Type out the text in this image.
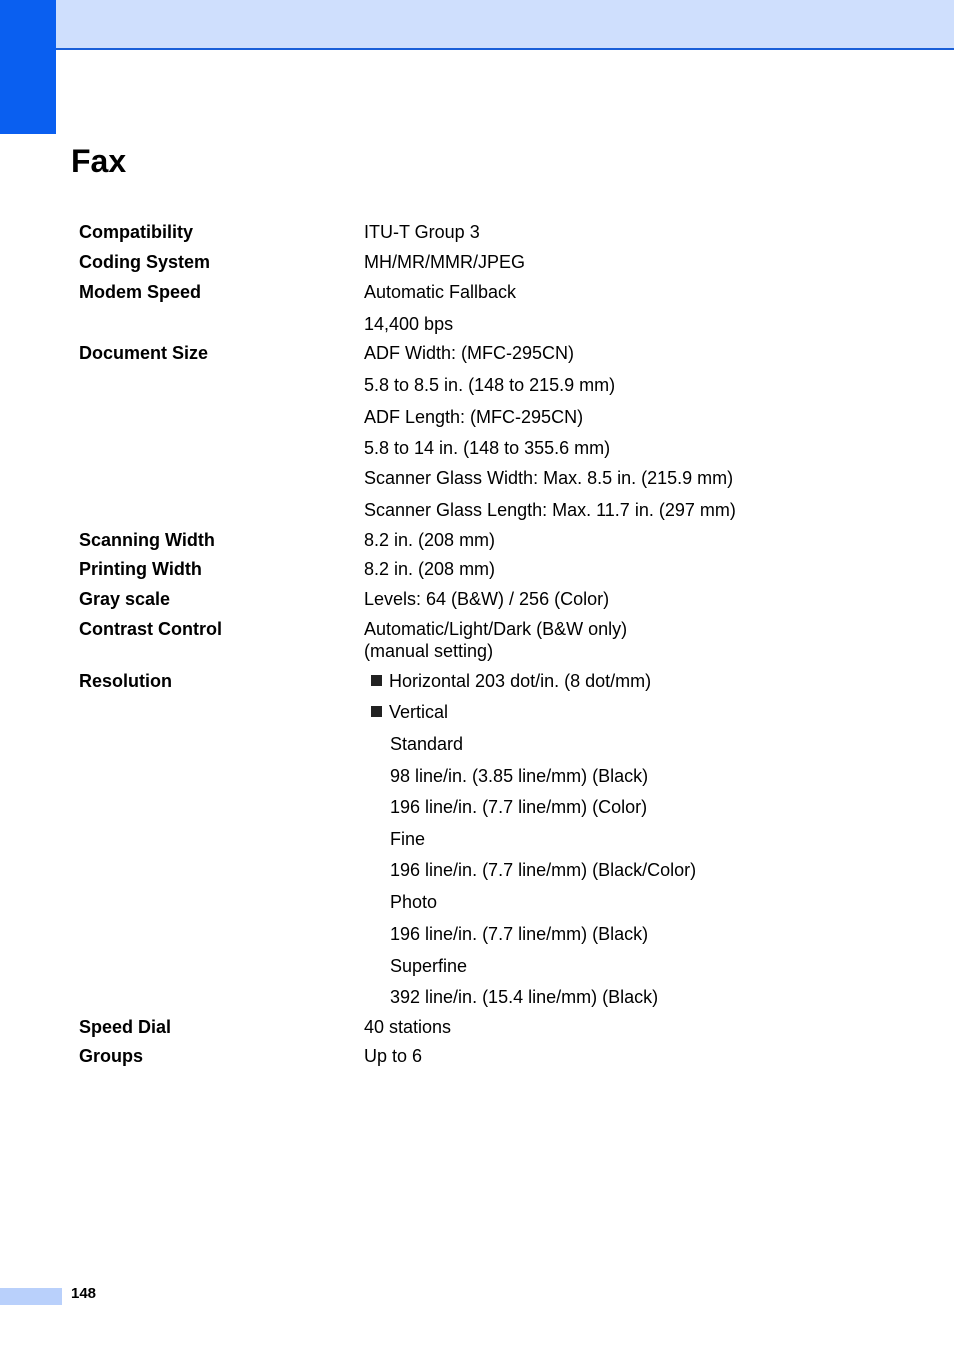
Fax
Compatibility	ITU-T Group 3
Coding System	MH/MR/MMR/JPEG
Modem Speed	Automatic Fallback
14,400 bps
Document Size	ADF Width: (MFC-295CN)
5.8 to 8.5 in. (148 to 215.9 mm)
ADF Length: (MFC-295CN)
5.8 to 14 in. (148 to 355.6 mm)
Scanner Glass Width: Max. 8.5 in. (215.9 mm)
Scanner Glass Length: Max. 11.7 in. (297 mm)
Scanning Width	8.2 in. (208 mm)
Printing Width	8.2 in. (208 mm)
Gray scale	Levels: 64 (B&W) / 256 (Color)
Contrast Control	Automatic/Light/Dark (B&W only)
(manual setting)
Resolution	Horizontal 203 dot/in. (8 dot/mm)
Vertical
Standard
98 line/in. (3.85 line/mm) (Black)
196 line/in. (7.7 line/mm) (Color)
Fine
196 line/in. (7.7 line/mm) (Black/Color)
Photo
196 line/in. (7.7 line/mm) (Black)
Superfine
392 line/in. (15.4 line/mm) (Black)
Speed Dial	40 stations
Groups	Up to 6
148
